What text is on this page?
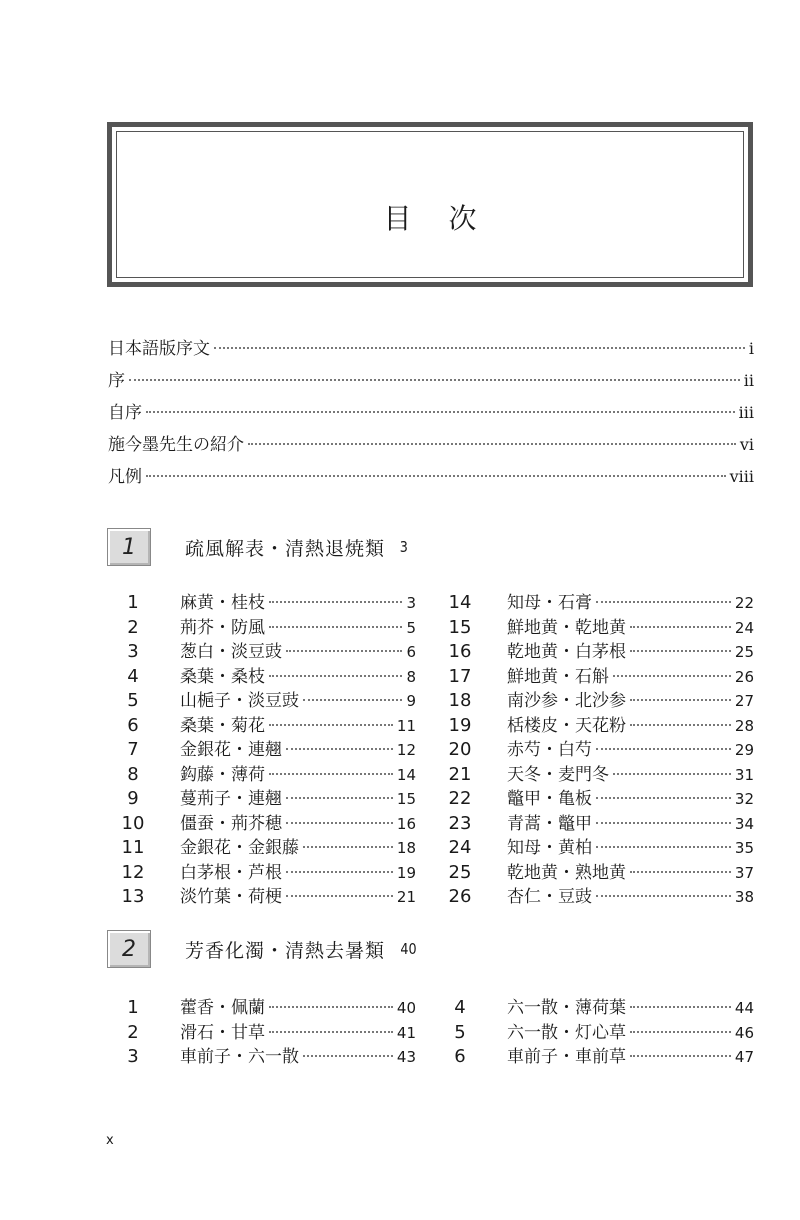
目 次
日本語版序文	i
序	ii
自序	iii
施今墨先生の紹介	vi
凡例	viii
1	疏風解表・清熱退焼類 3
1	麻黄・桂枝	3
2	荊芥・防風	5
3	葱白・淡豆豉	6
4	桑葉・桑枝	8
5	山梔子・淡豆豉	9
6	桑葉・菊花	11
7	金銀花・連翹	12
8	鈎藤・薄荷	14
9	蔓荊子・連翹	15
10	僵蚕・荊芥穂	16
11	金銀花・金銀藤	18
12	白茅根・芦根	19
13	淡竹葉・荷梗	21
14	知母・石膏	22
15	鮮地黄・乾地黄	24
16	乾地黄・白茅根	25
17	鮮地黄・石斛	26
18	南沙参・北沙参	27
19	栝楼皮・天花粉	28
20	赤芍・白芍	29
21	天冬・麦門冬	31
22	鼈甲・亀板	32
23	青蒿・鼈甲	34
24	知母・黄柏	35
25	乾地黄・熟地黄	37
26	杏仁・豆豉	38
2	芳香化濁・清熱去暑類 40
1	藿香・佩蘭	40
2	滑石・甘草	41
3	車前子・六一散	43
4	六一散・薄荷葉	44
5	六一散・灯心草	46
6	車前子・車前草	47
x
